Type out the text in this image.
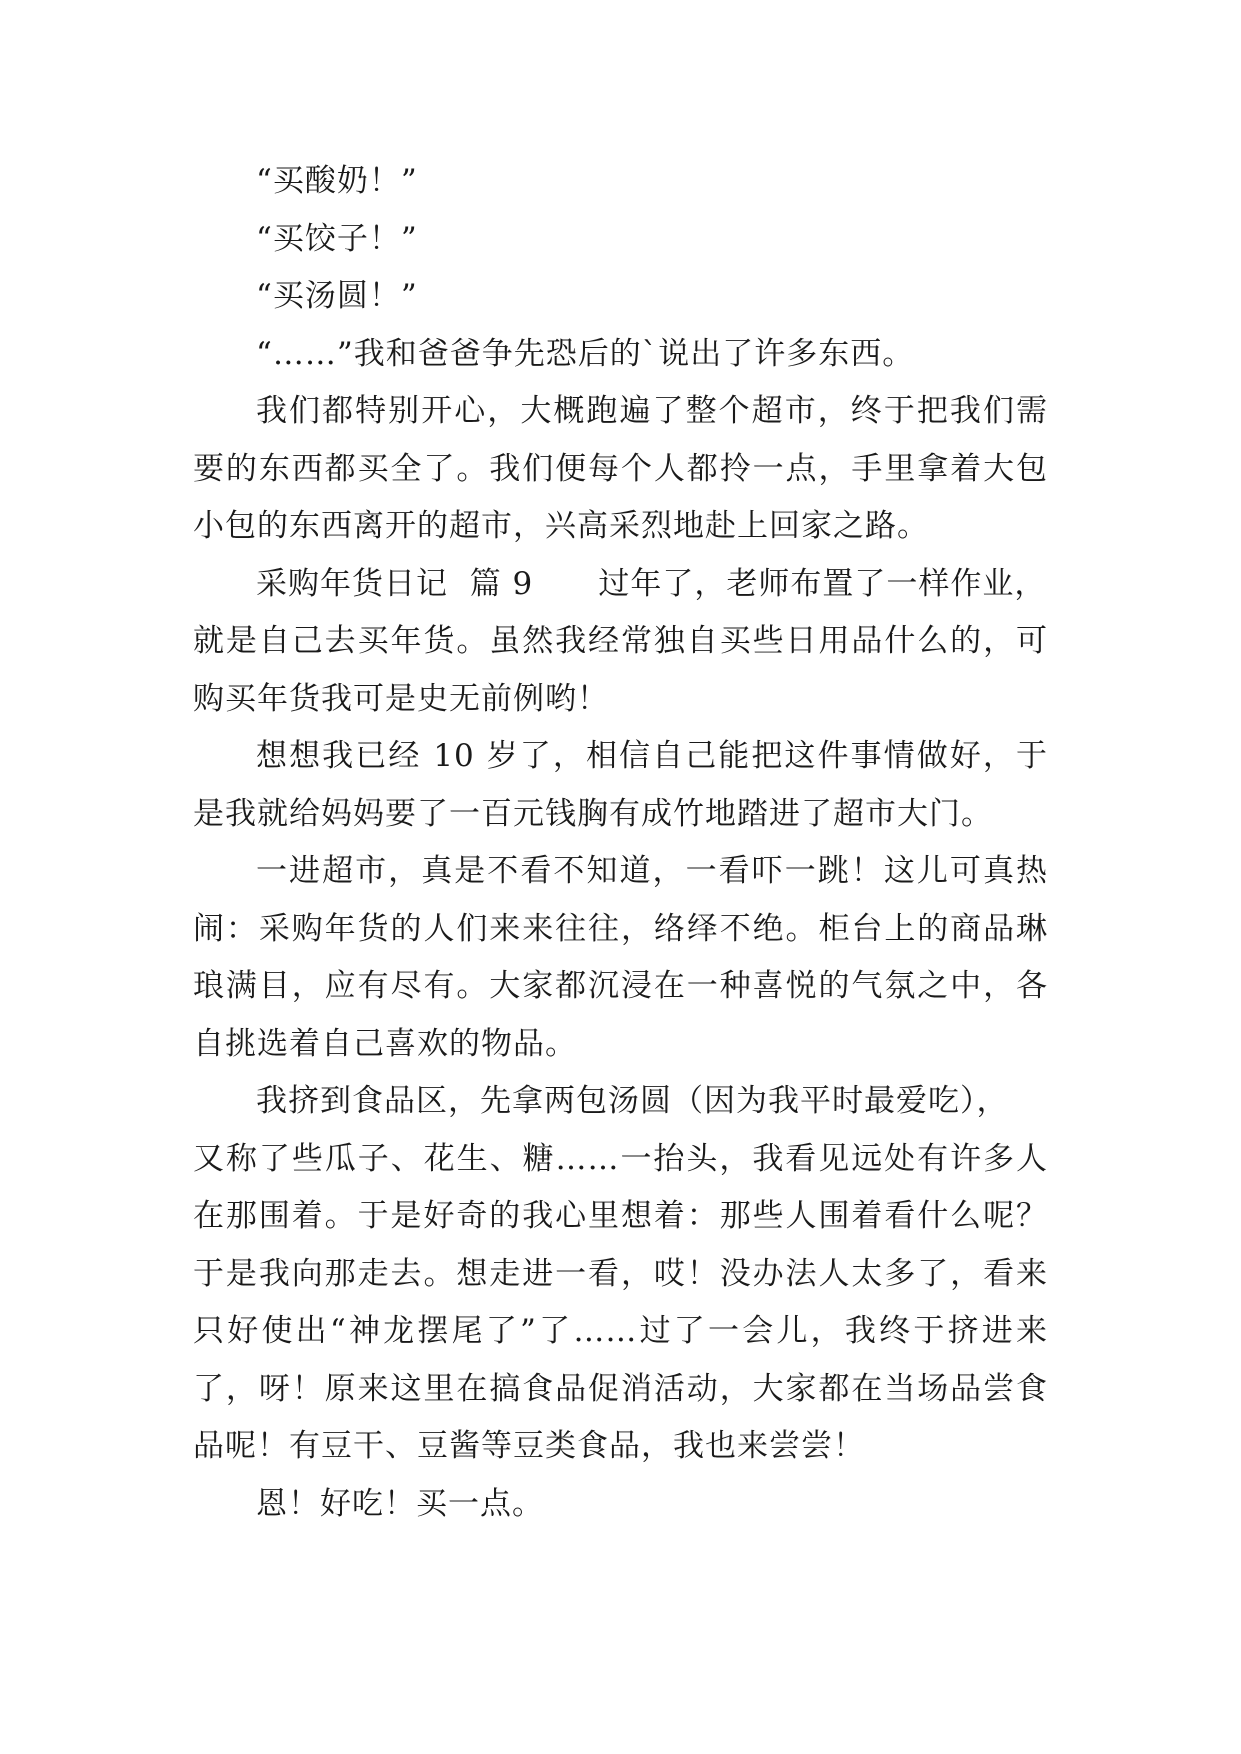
“买酸奶！”
“买饺子！”
“买汤圆！”
“……”我和爸爸争先恐后的`说出了许多东西。
我们都特别开心，大概跑遍了整个超市，终于把我们需
要的东西都买全了。我们便每个人都拎一点，手里拿着大包
小包的东西离开的超市，兴高采烈地赴上回家之路。
采购年货日记  篇 9      过年了，老师布置了一样作业，
就是自己去买年货。虽然我经常独自买些日用品什么的，可
购买年货我可是史无前例哟！
想想我已经 10 岁了，相信自己能把这件事情做好，于
是我就给妈妈要了一百元钱胸有成竹地踏进了超市大门。
一进超市，真是不看不知道，一看吓一跳！这儿可真热
闹：采购年货的人们来来往往，络绎不绝。柜台上的商品琳
琅满目，应有尽有。大家都沉浸在一种喜悦的气氛之中，各
自挑选着自己喜欢的物品。
我挤到食品区，先拿两包汤圆（因为我平时最爱吃），
又称了些瓜子、花生、糖……一抬头，我看见远处有许多人
在那围着。于是好奇的我心里想着：那些人围着看什么呢？
于是我向那走去。想走进一看，哎！没办法人太多了，看来
只好使出“神龙摆尾了”了……过了一会儿，我终于挤进来
了，呀！原来这里在搞食品促消活动，大家都在当场品尝食
品呢！有豆干、豆酱等豆类食品，我也来尝尝！
恩！好吃！买一点。
